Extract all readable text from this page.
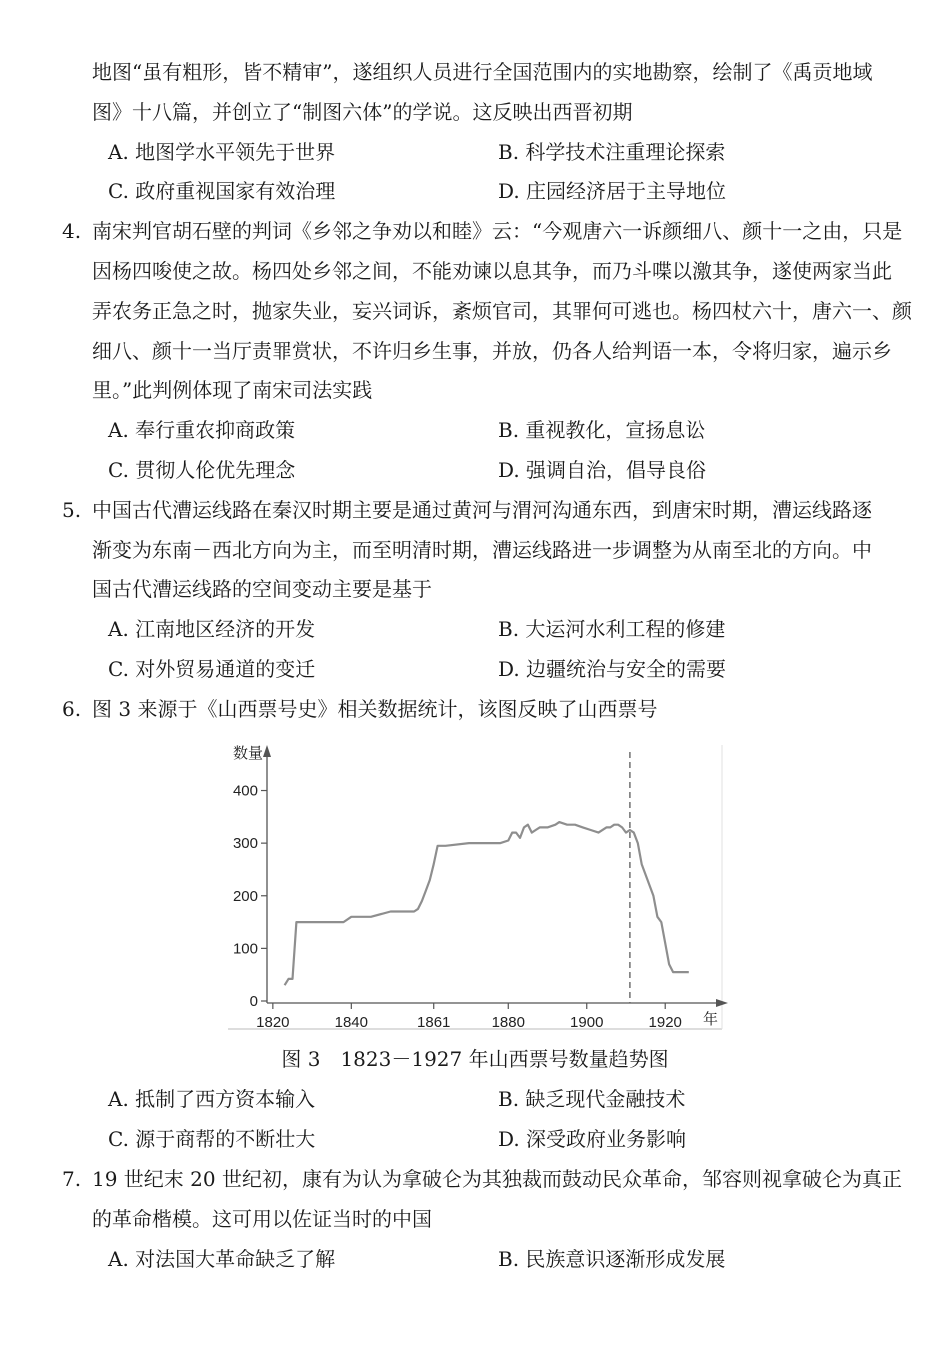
地图“虽有粗形，皆不精审”，遂组织人员进行全国范围内的实地勘察，绘制了《禹贡地域
图》十八篇，并创立了“制图六体”的学说。这反映出西晋初期
A. 地图学水平领先于世界	B. 科学技术注重理论探索
C. 政府重视国家有效治理	D. 庄园经济居于主导地位
4. 南宋判官胡石壁的判词《乡邻之争劝以和睦》云：“今观唐六一诉颜细八、颜十一之由，只是
因杨四唆使之故。杨四处乡邻之间，不能劝谏以息其争，而乃斗喋以激其争，遂使两家当此
弄农务正急之时，抛家失业，妄兴词诉，紊烦官司，其罪何可逃也。杨四杖六十，唐六一、颜
细八、颜十一当厅责罪赏状，不许归乡生事，并放，仍各人给判语一本，令将归家，遍示乡
里。”此判例体现了南宋司法实践
A. 奉行重农抑商政策	B. 重视教化，宣扬息讼
C. 贯彻人伦优先理念	D. 强调自治，倡导良俗
5. 中国古代漕运线路在秦汉时期主要是通过黄河与渭河沟通东西，到唐宋时期，漕运线路逐
渐变为东南－西北方向为主，而至明清时期，漕运线路进一步调整为从南至北的方向。中
国古代漕运线路的空间变动主要是基于
A. 江南地区经济的开发	B. 大运河水利工程的修建
C. 对外贸易通道的变迁	D. 边疆统治与安全的需要
6. 图 3 来源于《山西票号史》相关数据统计，该图反映了山西票号
数量
年
0
100
200
300
400
1820	1840	1861	1880	1900	1920
图 3　1823－1927 年山西票号数量趋势图
A. 抵制了西方资本输入	B. 缺乏现代金融技术
C. 源于商帮的不断壮大	D. 深受政府业务影响
7. 19 世纪末 20 世纪初，康有为认为拿破仑为其独裁而鼓动民众革命，邹容则视拿破仑为真正
的革命楷模。这可用以佐证当时的中国
A. 对法国大革命缺乏了解	B. 民族意识逐渐形成发展
